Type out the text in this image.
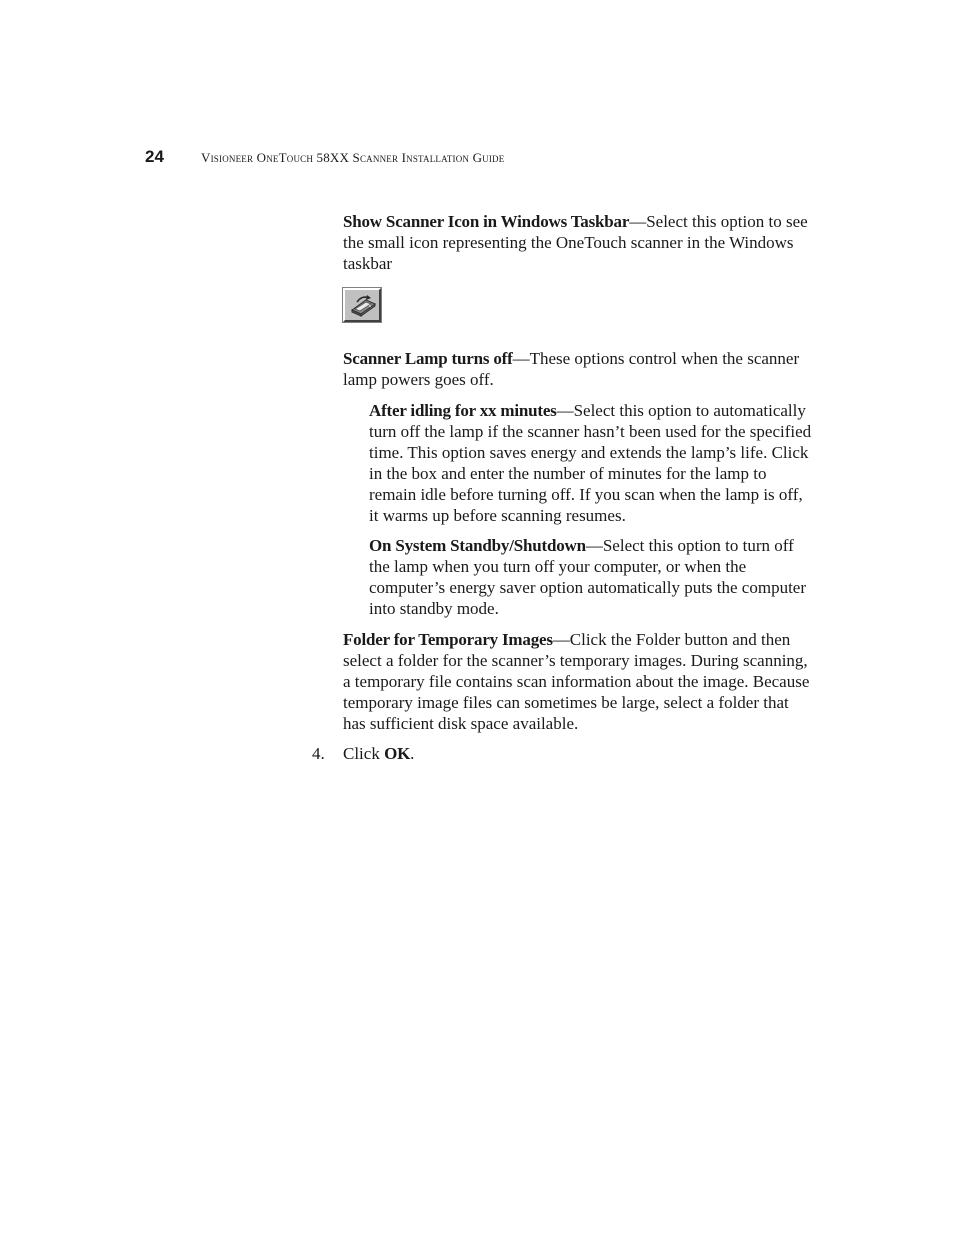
24	Visioneer OneTouch 58XX Scanner Installation Guide

Show Scanner Icon in Windows Taskbar—Select this option to see the small icon representing the OneTouch scanner in the Windows taskbar

Scanner Lamp turns off—These options control when the scanner lamp powers goes off.

After idling for xx minutes—Select this option to automatically turn off the lamp if the scanner hasn’t been used for the specified time. This option saves energy and extends the lamp’s life. Click in the box and enter the number of minutes for the lamp to remain idle before turning off. If you scan when the lamp is off, it warms up before scanning resumes.

On System Standby/Shutdown—Select this option to turn off the lamp when you turn off your computer, or when the computer’s energy saver option automatically puts the computer into standby mode.

Folder for Temporary Images—Click the Folder button and then select a folder for the scanner’s temporary images. During scanning, a temporary file contains scan information about the image. Because temporary image files can sometimes be large, select a folder that has sufficient disk space available.

4. Click OK.
